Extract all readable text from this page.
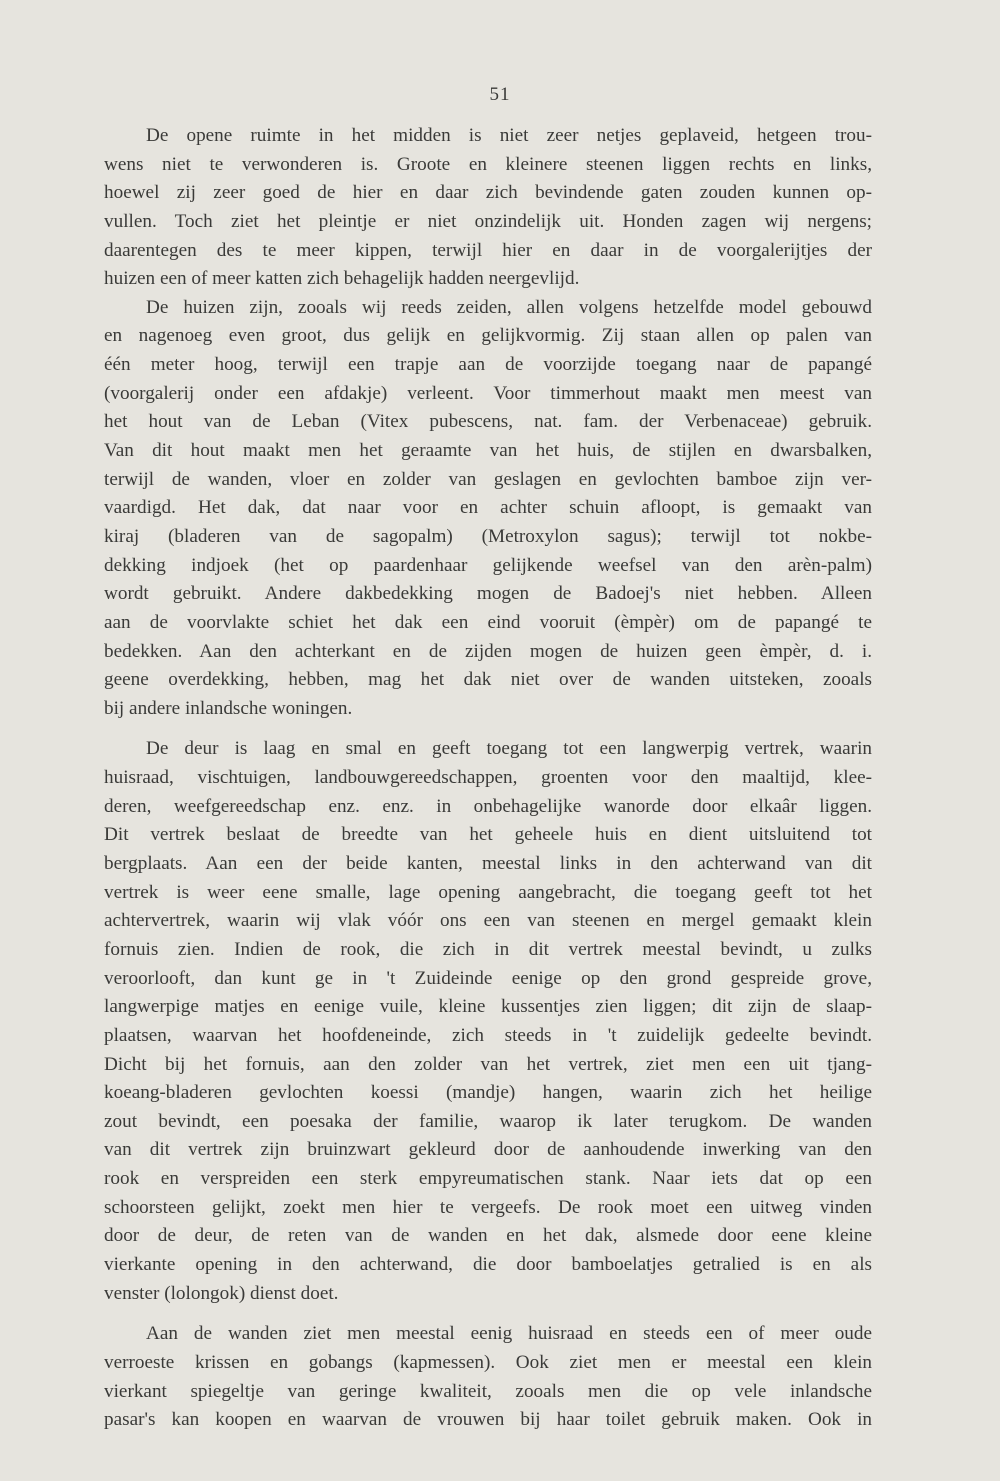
51
De opene ruimte in het midden is niet zeer netjes geplaveid, hetgeen trou-
wens niet te verwonderen is. Groote en kleinere steenen liggen rechts en links,
hoewel zij zeer goed de hier en daar zich bevindende gaten zouden kunnen op-
vullen. Toch ziet het pleintje er niet onzindelijk uit. Honden zagen wij nergens;
daarentegen des te meer kippen, terwijl hier en daar in de voorgalerijtjes der
huizen een of meer katten zich behagelijk hadden neergevlijd.
De huizen zijn, zooals wij reeds zeiden, allen volgens hetzelfde model gebouwd
en nagenoeg even groot, dus gelijk en gelijkvormig. Zij staan allen op palen van
één meter hoog, terwijl een trapje aan de voorzijde toegang naar de papangé
(voorgalerij onder een afdakje) verleent. Voor timmerhout maakt men meest van
het hout van de Leban (Vitex pubescens, nat. fam. der Verbenaceae) gebruik.
Van dit hout maakt men het geraamte van het huis, de stijlen en dwarsbalken,
terwijl de wanden, vloer en zolder van geslagen en gevlochten bamboe zijn ver-
vaardigd. Het dak, dat naar voor en achter schuin afloopt, is gemaakt van
kiraj (bladeren van de sagopalm) (Metroxylon sagus); terwijl tot nokbe-
dekking indjoek (het op paardenhaar gelijkende weefsel van den arèn-palm)
wordt gebruikt. Andere dakbedekking mogen de Badoej's niet hebben. Alleen
aan de voorvlakte schiet het dak een eind vooruit (èmpèr) om de papangé te
bedekken. Aan den achterkant en de zijden mogen de huizen geen èmpèr, d. i.
geene overdekking, hebben, mag het dak niet over de wanden uitsteken, zooals
bij andere inlandsche woningen.
De deur is laag en smal en geeft toegang tot een langwerpig vertrek, waarin
huisraad, vischtuigen, landbouwgereedschappen, groenten voor den maaltijd, klee-
deren, weefgereedschap enz. enz. in onbehagelijke wanorde door elkaâr liggen.
Dit vertrek beslaat de breedte van het geheele huis en dient uitsluitend tot
bergplaats. Aan een der beide kanten, meestal links in den achterwand van dit
vertrek is weer eene smalle, lage opening aangebracht, die toegang geeft tot het
achtervertrek, waarin wij vlak vóór ons een van steenen en mergel gemaakt klein
fornuis zien. Indien de rook, die zich in dit vertrek meestal bevindt, u zulks
veroorlooft, dan kunt ge in 't Zuideinde eenige op den grond gespreide grove,
langwerpige matjes en eenige vuile, kleine kussentjes zien liggen; dit zijn de slaap-
plaatsen, waarvan het hoofdeneinde, zich steeds in 't zuidelijk gedeelte bevindt.
Dicht bij het fornuis, aan den zolder van het vertrek, ziet men een uit tjang-
koeang-bladeren gevlochten koessi (mandje) hangen, waarin zich het heilige
zout bevindt, een poesaka der familie, waarop ik later terugkom. De wanden
van dit vertrek zijn bruinzwart gekleurd door de aanhoudende inwerking van den
rook en verspreiden een sterk empyreumatischen stank. Naar iets dat op een
schoorsteen gelijkt, zoekt men hier te vergeefs. De rook moet een uitweg vinden
door de deur, de reten van de wanden en het dak, alsmede door eene kleine
vierkante opening in den achterwand, die door bamboelatjes getralied is en als
venster (lolongok) dienst doet.
Aan de wanden ziet men meestal eenig huisraad en steeds een of meer oude
verroeste krissen en gobangs (kapmessen). Ook ziet men er meestal een klein
vierkant spiegeltje van geringe kwaliteit, zooals men die op vele inlandsche
pasar's kan koopen en waarvan de vrouwen bij haar toilet gebruik maken. Ook in
